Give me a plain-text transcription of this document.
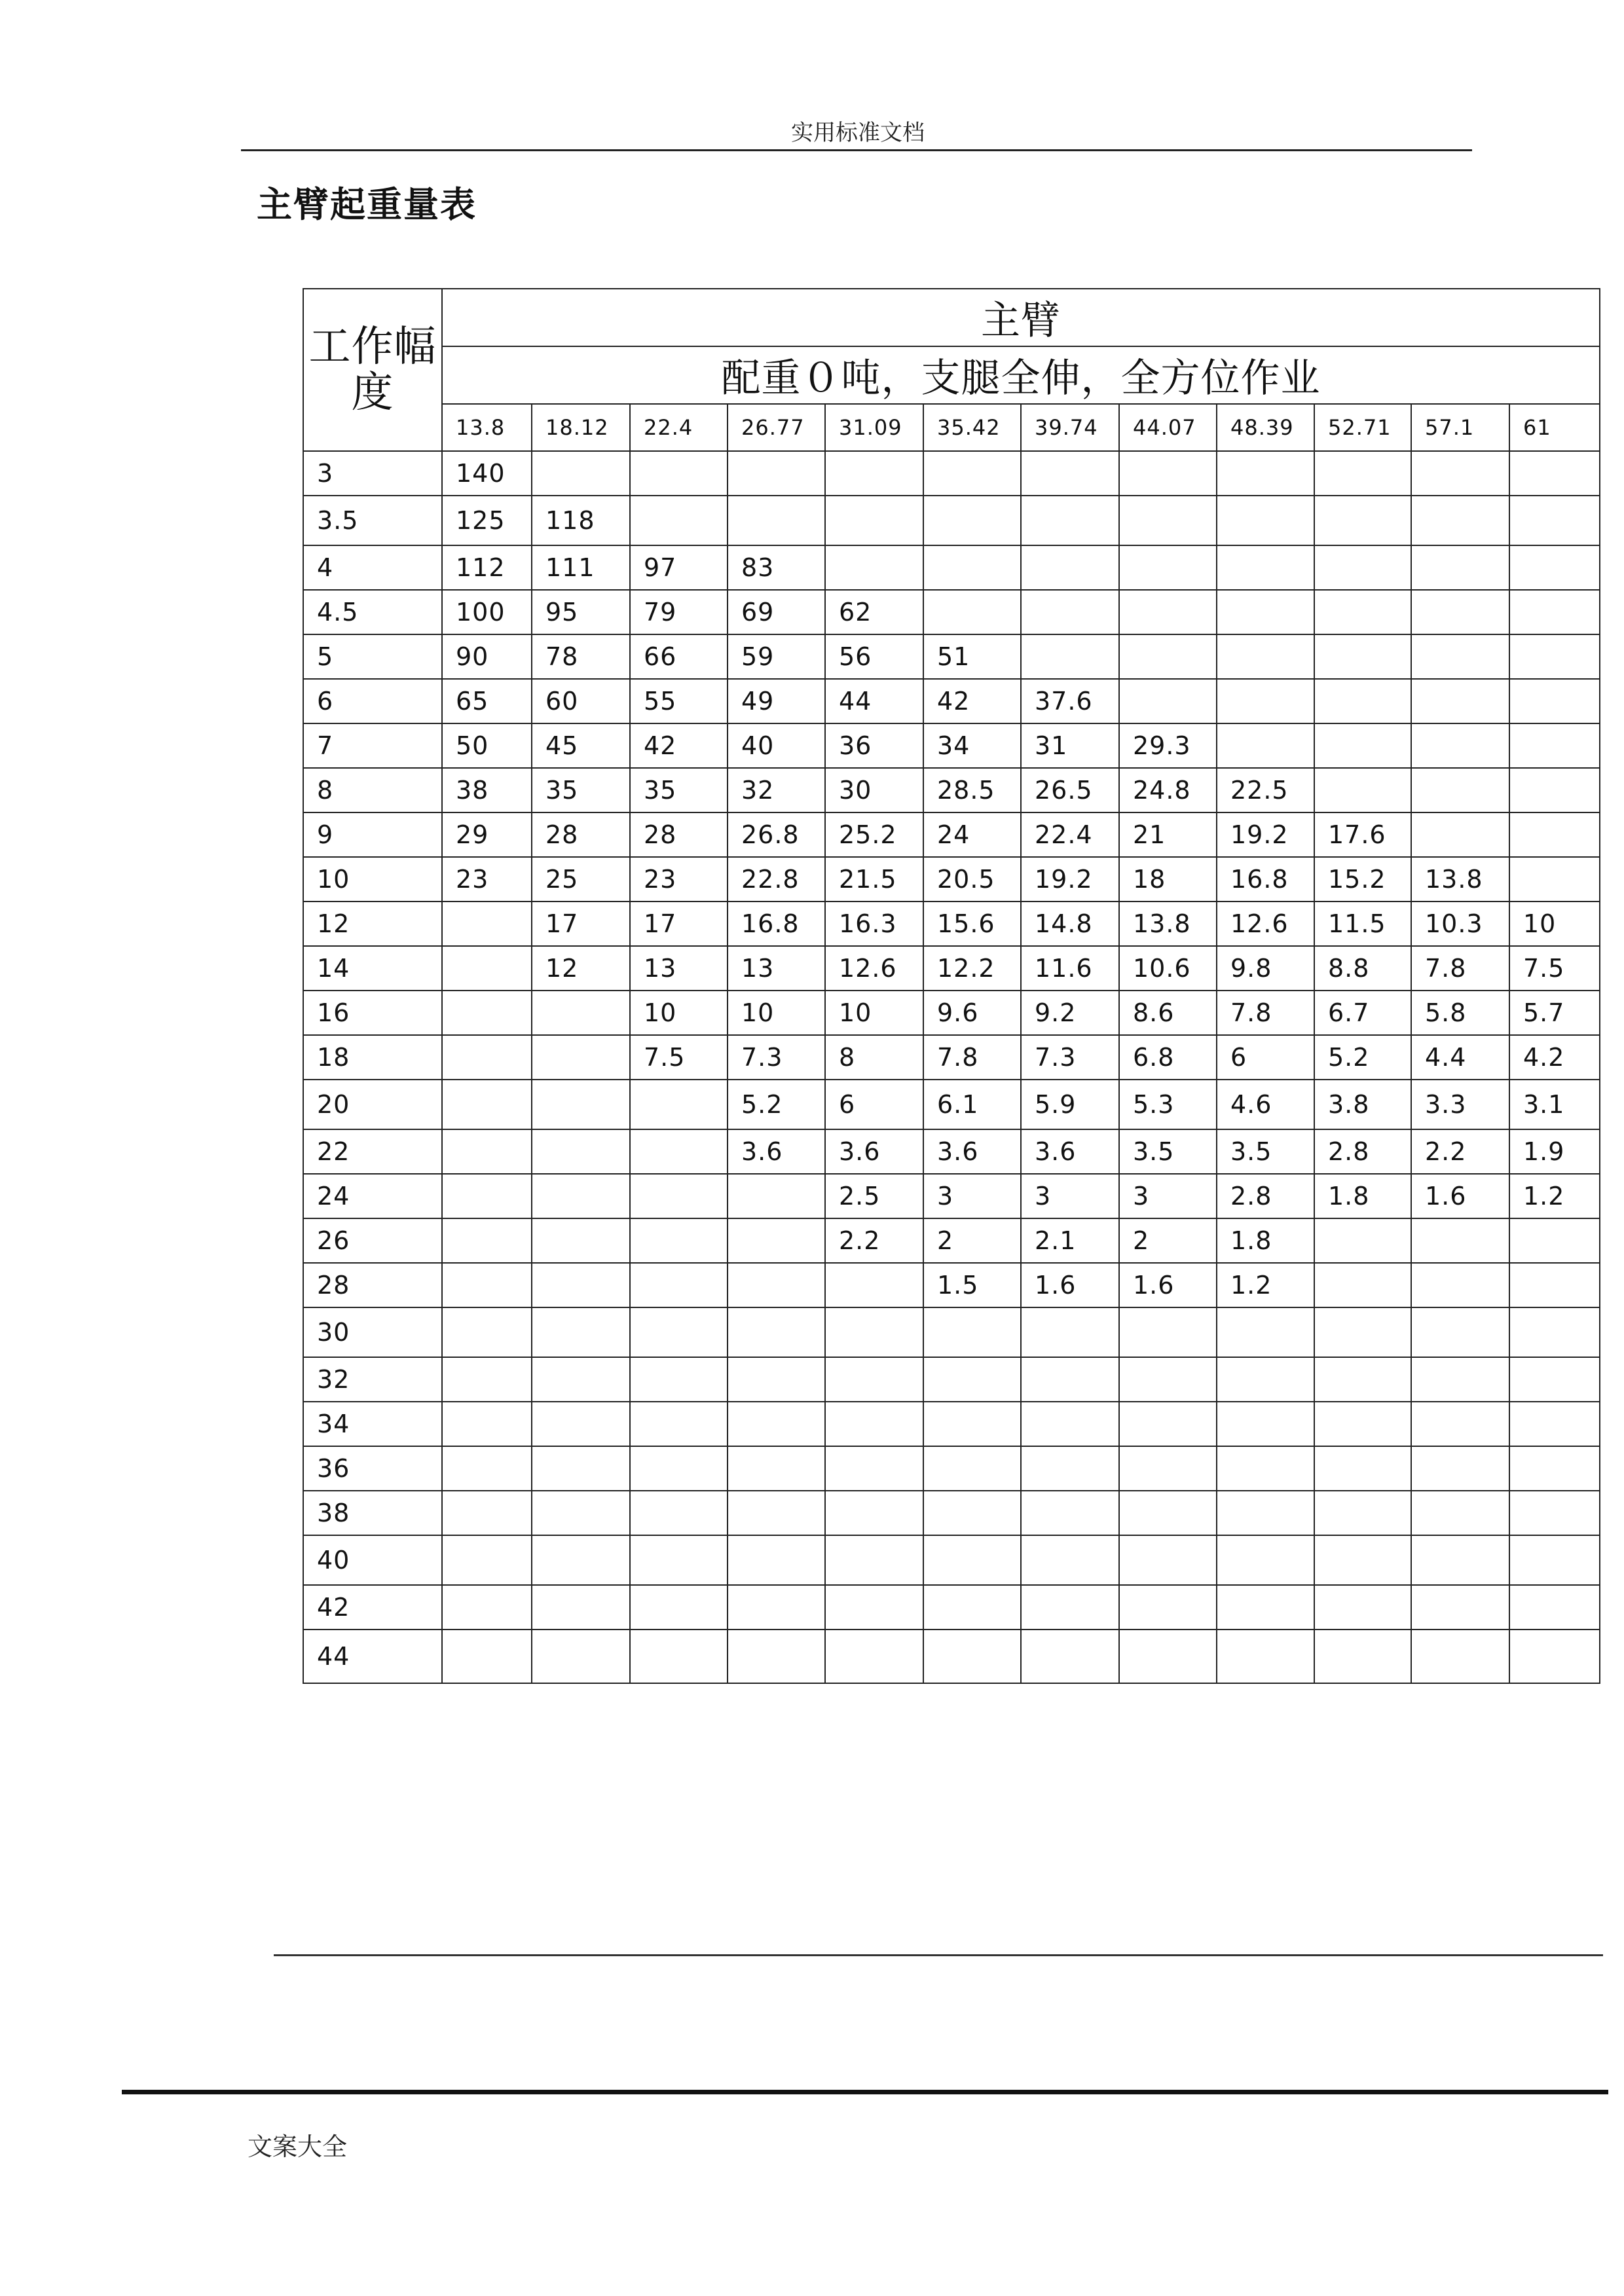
实用标准文档
主臂起重量表
工作幅度	主臂											
	配重０吨，支腿全伸，全方位作业											
	13.8	18.12	22.4	26.77	31.09	35.42	39.74	44.07	48.39	52.71	57.1	61
3	140											
3.5	125	118										
4	112	111	97	83								
4.5	100	95	79	69	62							
5	90	78	66	59	56	51						
6	65	60	55	49	44	42	37.6					
7	50	45	42	40	36	34	31	29.3				
8	38	35	35	32	30	28.5	26.5	24.8	22.5			
9	29	28	28	26.8	25.2	24	22.4	21	19.2	17.6		
10	23	25	23	22.8	21.5	20.5	19.2	18	16.8	15.2	13.8	
12		17	17	16.8	16.3	15.6	14.8	13.8	12.6	11.5	10.3	10
14		12	13	13	12.6	12.2	11.6	10.6	9.8	8.8	7.8	7.5
16			10	10	10	9.6	9.2	8.6	7.8	6.7	5.8	5.7
18			7.5	7.3	8	7.8	7.3	6.8	6	5.2	4.4	4.2
20				5.2	6	6.1	5.9	5.3	4.6	3.8	3.3	3.1
22				3.6	3.6	3.6	3.6	3.5	3.5	2.8	2.2	1.9
24					2.5	3	3	3	2.8	1.8	1.6	1.2
26					2.2	2	2.1	2	1.8			
28						1.5	1.6	1.6	1.2			
30												
32												
34												
36												
38												
40												
42												
44												
文案大全
